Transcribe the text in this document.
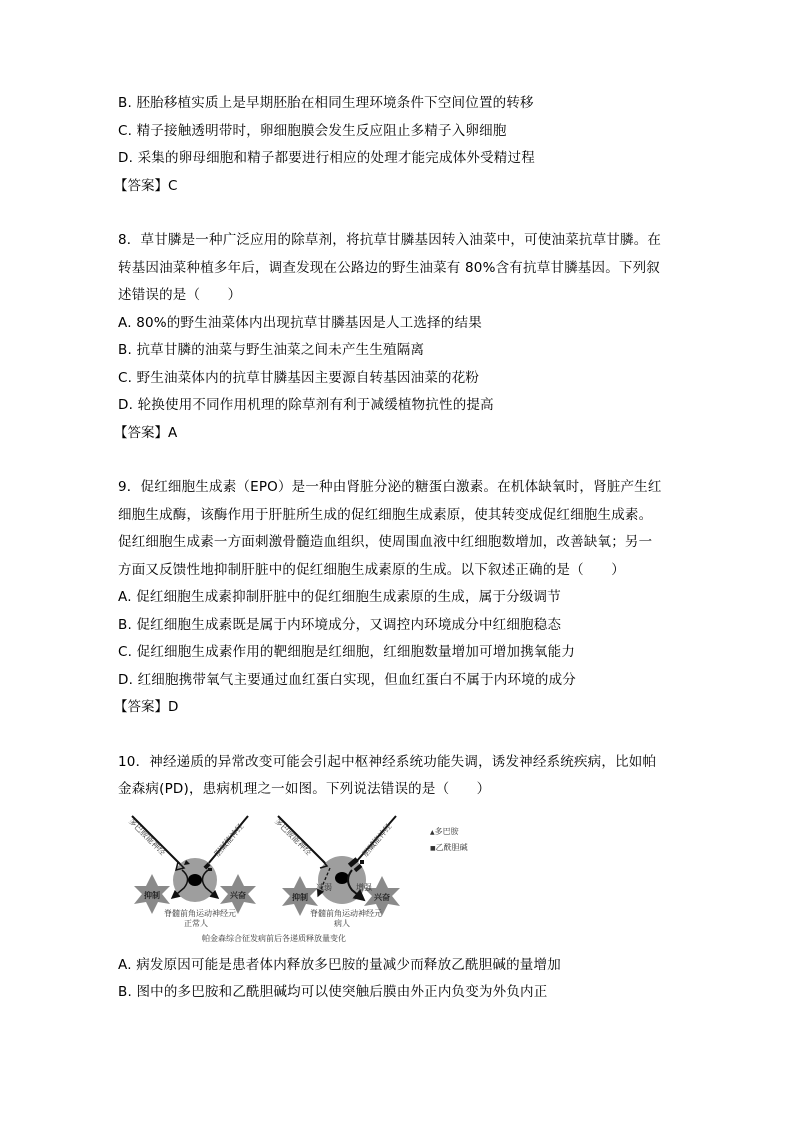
B. 胚胎移植实质上是早期胚胎在相同生理环境条件下空间位置的转移
C. 精子接触透明带时，卵细胞膜会发生反应阻止多精子入卵细胞
D. 采集的卵母细胞和精子都要进行相应的处理才能完成体外受精过程
【答案】C
8．草甘膦是一种广泛应用的除草剂，将抗草甘膦基因转入油菜中，可使油菜抗草甘膦。在
转基因油菜种植多年后，调查发现在公路边的野生油菜有 80%含有抗草甘膦基因。下列叙
述错误的是（　　）
A. 80%的野生油菜体内出现抗草甘膦基因是人工选择的结果
B. 抗草甘膦的油菜与野生油菜之间未产生生殖隔离
C. 野生油菜体内的抗草甘膦基因主要源自转基因油菜的花粉
D. 轮换使用不同作用机理的除草剂有利于减缓植物抗性的提高
【答案】A
9．促红细胞生成素（EPO）是一种由肾脏分泌的糖蛋白激素。在机体缺氧时，肾脏产生红
细胞生成酶，该酶作用于肝脏所生成的促红细胞生成素原，使其转变成促红细胞生成素。
促红细胞生成素一方面刺激骨髓造血组织，使周围血液中红细胞数增加，改善缺氧；另一
方面又反馈性地抑制肝脏中的促红细胞生成素原的生成。以下叙述正确的是（　　）
A. 促红细胞生成素抑制肝脏中的促红细胞生成素原的生成，属于分级调节
B. 促红细胞生成素既是属于内环境成分，又调控内环境成分中红细胞稳态
C. 促红细胞生成素作用的靶细胞是红细胞，红细胞数量增加可增加携氧能力
D. 红细胞携带氧气主要通过血红蛋白实现，但血红蛋白不属于内环境的成分
【答案】D
10．神经递质的异常改变可能会引起中枢神经系统功能失调，诱发神经系统疾病，比如帕
金森病(PD)，患病机理之一如图。下列说法错误的是（　　）
多巴胺能神经	胆碱能神经
抑制	兴奋
脊髓前角运动神经元
正常人
多巴胺能神经	胆碱能神经
减弱	增强
抑制	兴奋
脊髓前角运动神经元
病人
▲多巴胺
■乙酰胆碱
帕金森综合征发病前后各递质释放量变化
A. 病发原因可能是患者体内释放多巴胺的量减少而释放乙酰胆碱的量增加
B. 图中的多巴胺和乙酰胆碱均可以使突触后膜由外正内负变为外负内正
